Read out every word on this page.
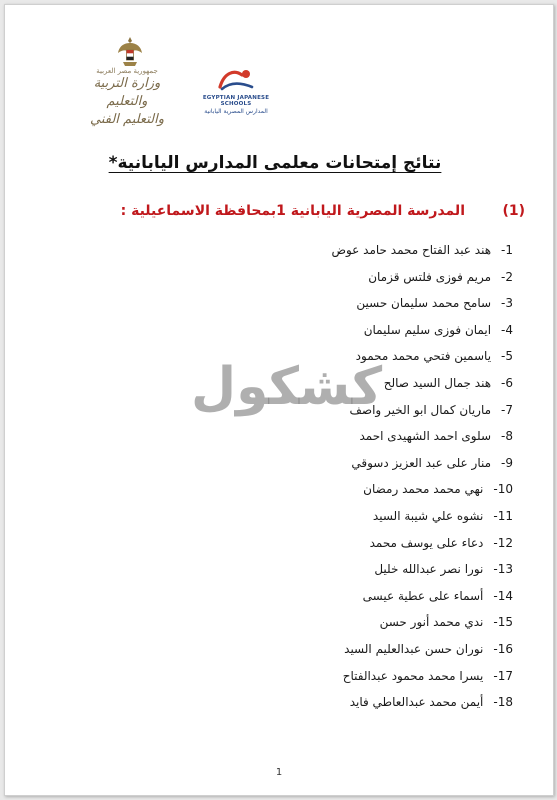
جمهورية مصر العربية
وزارة التربية والتعليم
والتعليم الفني
EGYPTIAN JAPANESE SCHOOLS
المدارس المصرية اليابانية
نتائج إمتحانات معلمى المدارس اليابانية*
(1)
المدرسة المصرية اليابانية 1بمحافظة الاسماعيلية :
-1هند عبد الفتاح محمد حامد عوض
-2مريم فوزى فلتس قزمان
-3سامح محمد سليمان حسين
-4ايمان فوزى سليم سليمان
-5ياسمين فتحي محمد محمود
-6هند جمال السيد صالح
-7ماريان كمال ابو الخير واصف
-8سلوى احمد الشهيدى احمد
-9منار على عبد العزيز دسوقي
-10نهي محمد محمد رمضان
-11نشوه علي شيبة السيد
-12دعاء على يوسف محمد
-13نورا نصر عبدالله خليل
-14أسماء على عطية عيسى
-15ندي محمد أنور حسن
-16نوران حسن عبدالعليم السيد
-17يسرا محمد محمود عبدالفتاح
-18أيمن محمد عبدالعاطي فايد
كشكول
1
